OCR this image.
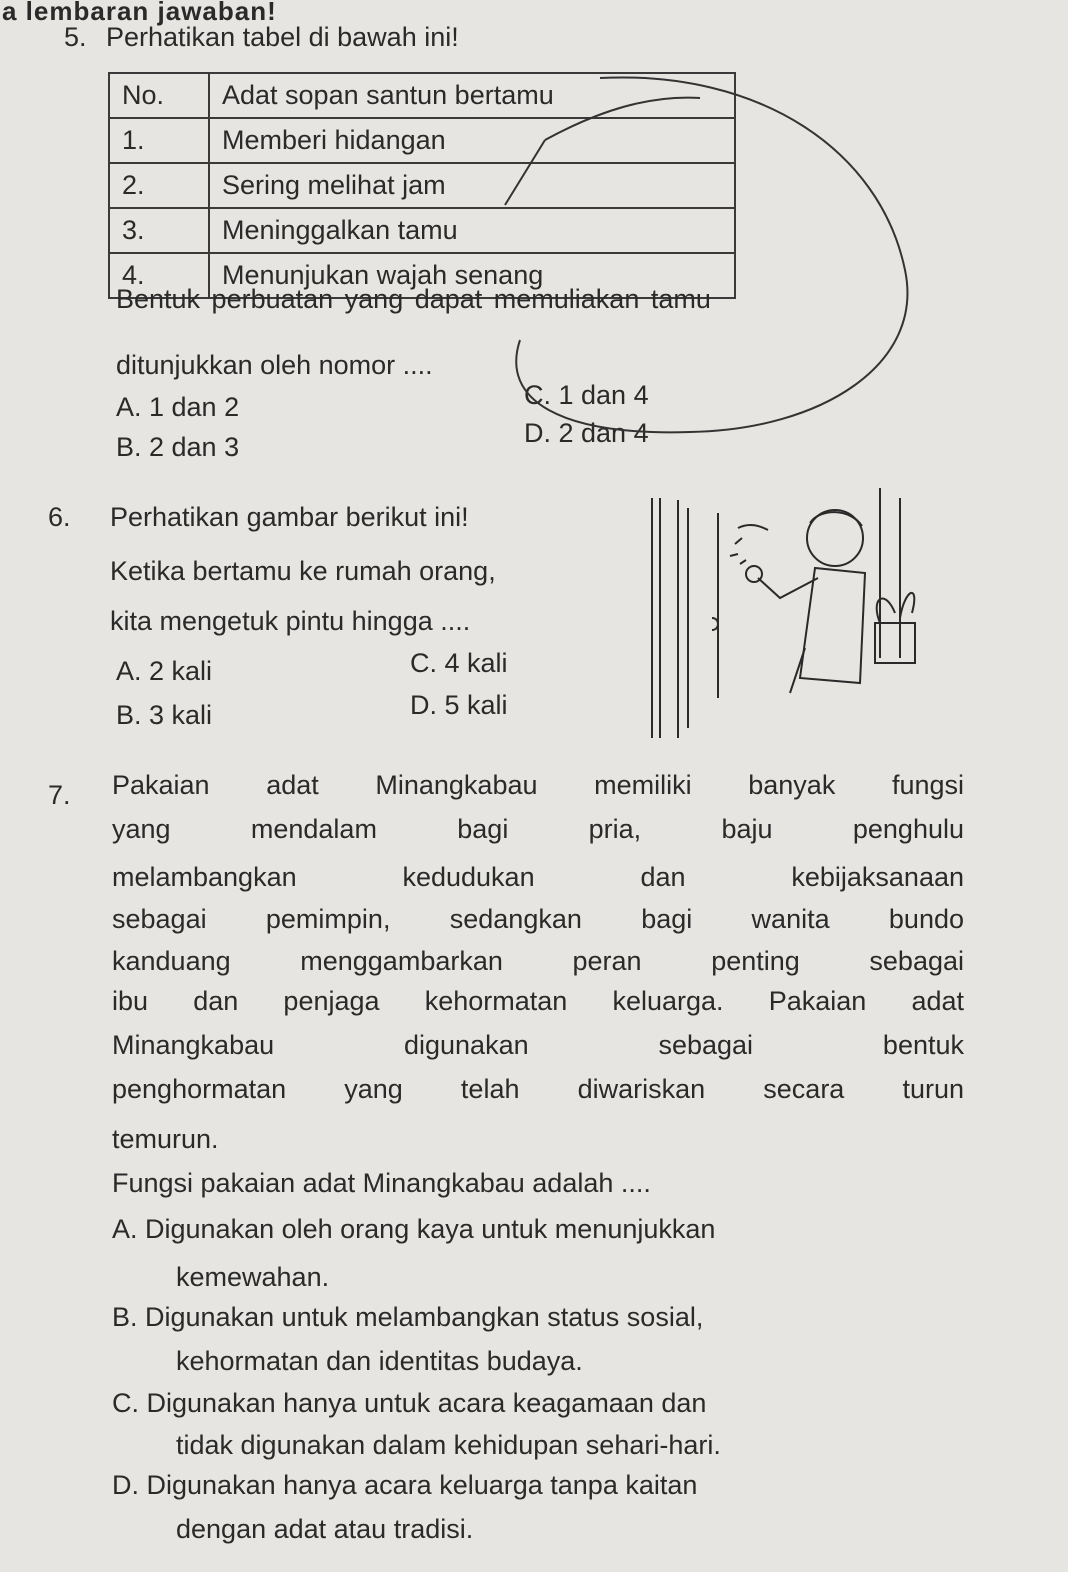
a lembaran jawaban!
5. Perhatikan tabel di bawah ini!
No.	Adat sopan santun bertamu
1.	Memberi hidangan
2.	Sering melihat jam
3.	Meninggalkan tamu
4.	Menunjukan wajah senang
Bentuk perbuatan yang dapat memuliakan tamu
ditunjukkan oleh nomor ....
A. 1 dan 2
B. 2 dan 3
C. 1 dan 4
D. 2 dan 4
6. Perhatikan gambar berikut ini!
Ketika bertamu ke rumah orang,
kita mengetuk pintu hingga ....
A. 2 kali
B. 3 kali
C. 4 kali
D. 5 kali
7. Pakaian adat Minangkabau memiliki banyak fungsi
yang mendalam bagi pria, baju penghulu
melambangkan kedudukan dan kebijaksanaan
sebagai pemimpin, sedangkan bagi wanita bundo
kanduang menggambarkan peran penting sebagai
ibu dan penjaga kehormatan keluarga. Pakaian adat
Minangkabau digunakan sebagai bentuk
penghormatan yang telah diwariskan secara turun
temurun.
Fungsi pakaian adat Minangkabau adalah ....
A. Digunakan oleh orang kaya untuk menunjukkan
kemewahan.
B. Digunakan untuk melambangkan status sosial,
kehormatan dan identitas budaya.
C. Digunakan hanya untuk acara keagamaan dan
tidak digunakan dalam kehidupan sehari-hari.
D. Digunakan hanya acara keluarga tanpa kaitan
dengan adat atau tradisi.
